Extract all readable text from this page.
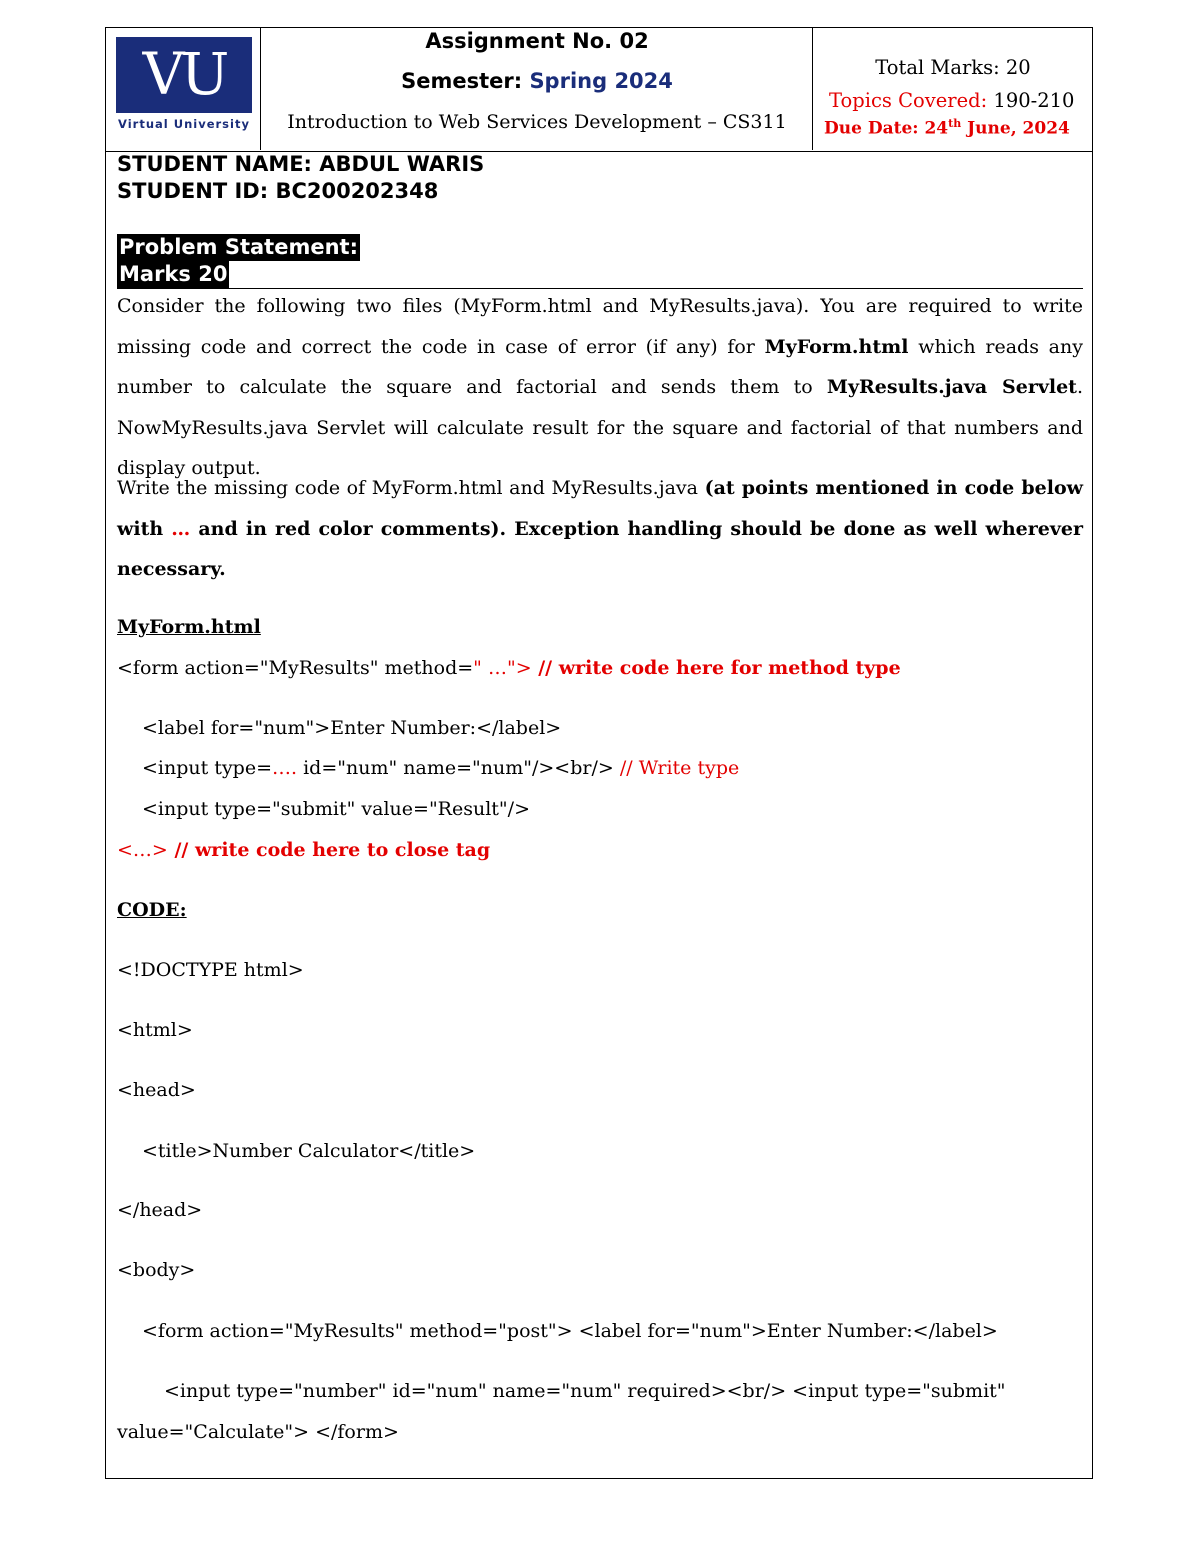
VU
Virtual University
Assignment No. 02
Semester: Spring 2024
Introduction to Web Services Development – CS311
Total Marks: 20
Topics Covered: 190-210
Due Date: 24th June, 2024
STUDENT NAME: ABDUL WARIS
STUDENT ID: BC200202348
Problem Statement:
Marks 20
Consider the following two files (MyForm.html and MyResults.java). You are required to write missing code and correct the code in case of error (if any) for MyForm.html which reads any number to calculate the square and factorial and sends them to MyResults.java Servlet. NowMyResults.java Servlet will calculate result for the square and factorial of that numbers and display output.
Write the missing code of MyForm.html and MyResults.java (at points mentioned in code below with … and in red color comments). Exception handling should be done as well wherever necessary.
MyForm.html
<form action="MyResults" method=" …"> // write code here for method type
<label for="num">Enter Number:</label>
<input type=…. id="num" name="num"/><br/> // Write type
<input type="submit" value="Result"/>
<…> // write code here to close tag
CODE:
<!DOCTYPE html>
<html>
<head>
<title>Number Calculator</title>
</head>
<body>
<form action="MyResults" method="post"> <label for="num">Enter Number:</label>
<input type="number" id="num" name="num" required><br/> <input type="submit"
value="Calculate"> </form>
